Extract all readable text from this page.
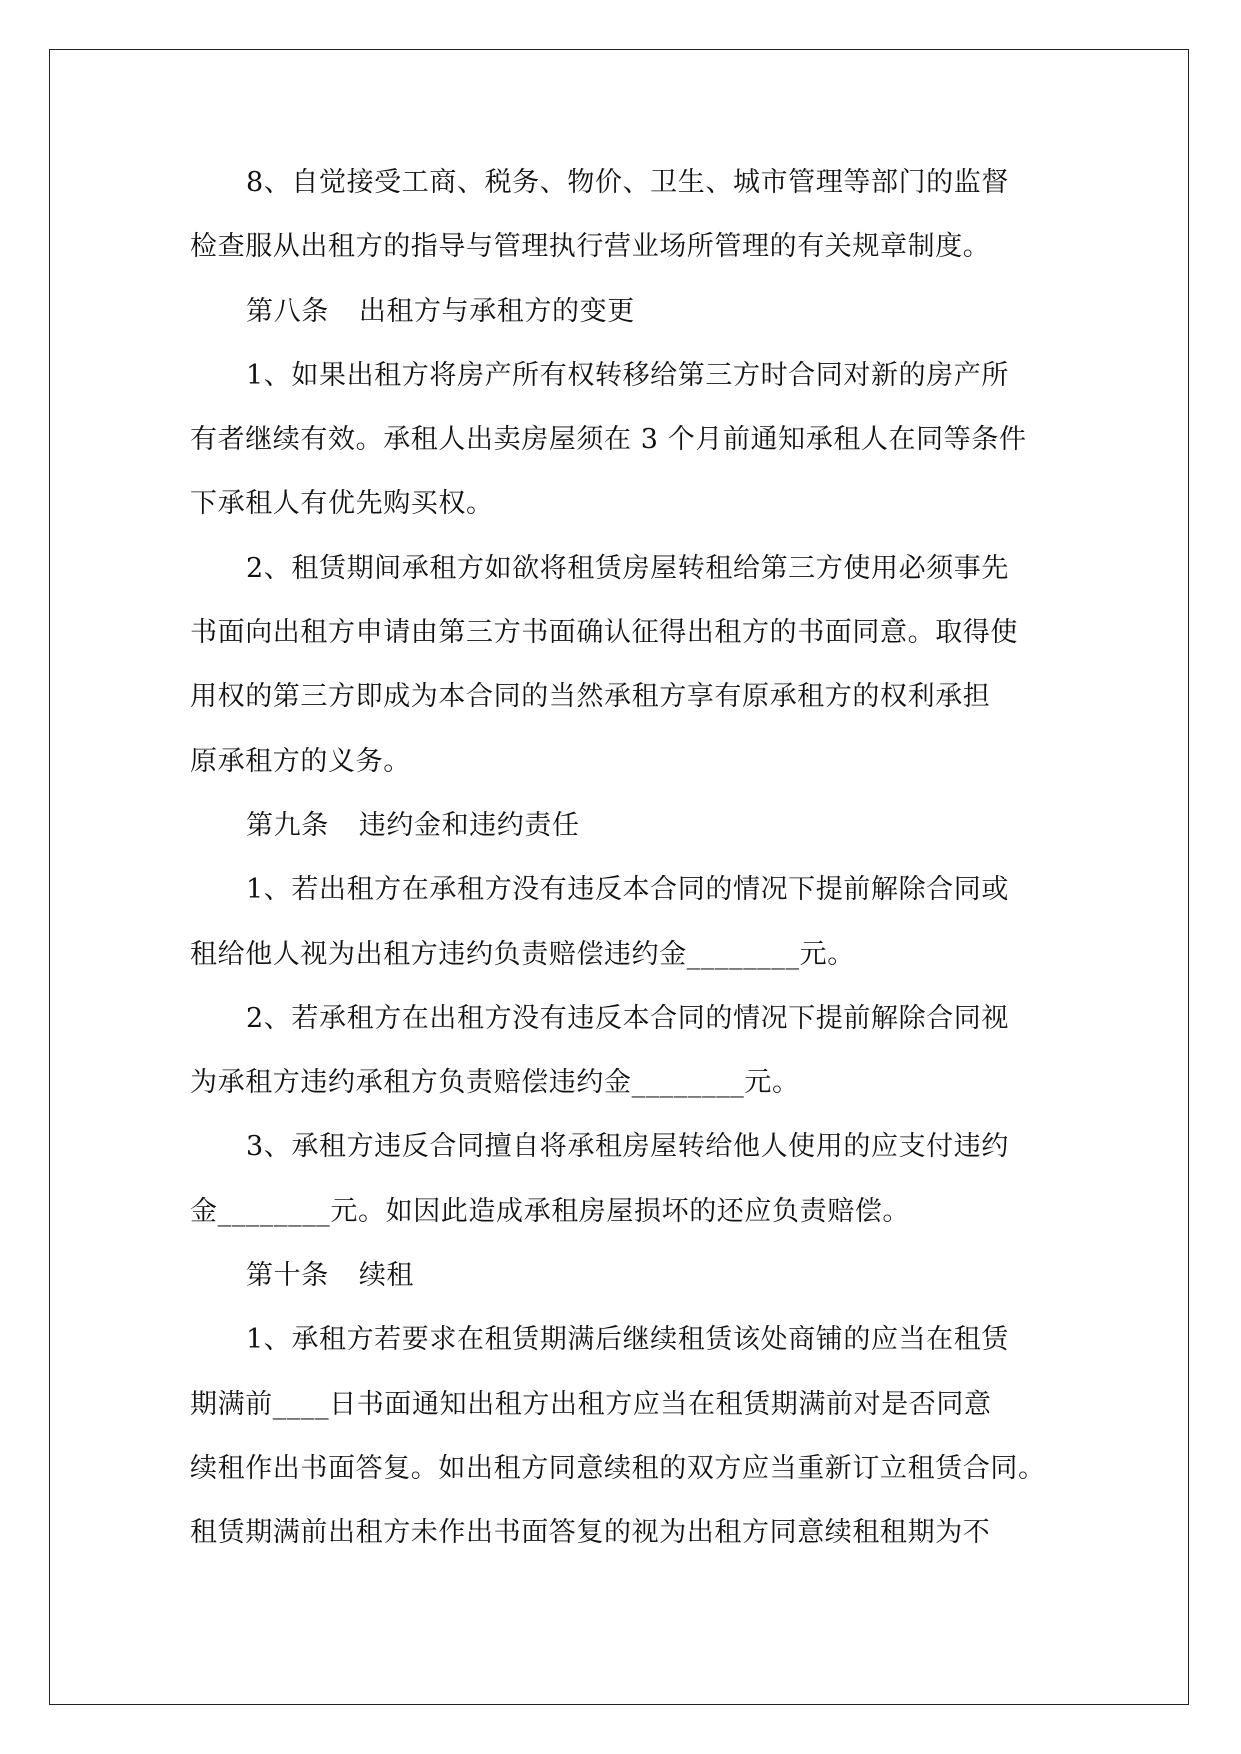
8、自觉接受工商、税务、物价、卫生、城市管理等部门的监督
检查服从出租方的指导与管理执行营业场所管理的有关规章制度。
第八条 出租方与承租方的变更
1、如果出租方将房产所有权转移给第三方时合同对新的房产所
有者继续有效。承租人出卖房屋须在 3 个月前通知承租人在同等条件
下承租人有优先购买权。
2、租赁期间承租方如欲将租赁房屋转租给第三方使用必须事先
书面向出租方申请由第三方书面确认征得出租方的书面同意。取得使
用权的第三方即成为本合同的当然承租方享有原承租方的权利承担
原承租方的义务。
第九条 违约金和违约责任
1、若出租方在承租方没有违反本合同的情况下提前解除合同或
租给他人视为出租方违约负责赔偿违约金________元。
2、若承租方在出租方没有违反本合同的情况下提前解除合同视
为承租方违约承租方负责赔偿违约金________元。
3、承租方违反合同擅自将承租房屋转给他人使用的应支付违约
金________元。如因此造成承租房屋损坏的还应负责赔偿。
第十条 续租
1、承租方若要求在租赁期满后继续租赁该处商铺的应当在租赁
期满前____日书面通知出租方出租方应当在租赁期满前对是否同意
续租作出书面答复。如出租方同意续租的双方应当重新订立租赁合同。
租赁期满前出租方未作出书面答复的视为出租方同意续租租期为不
